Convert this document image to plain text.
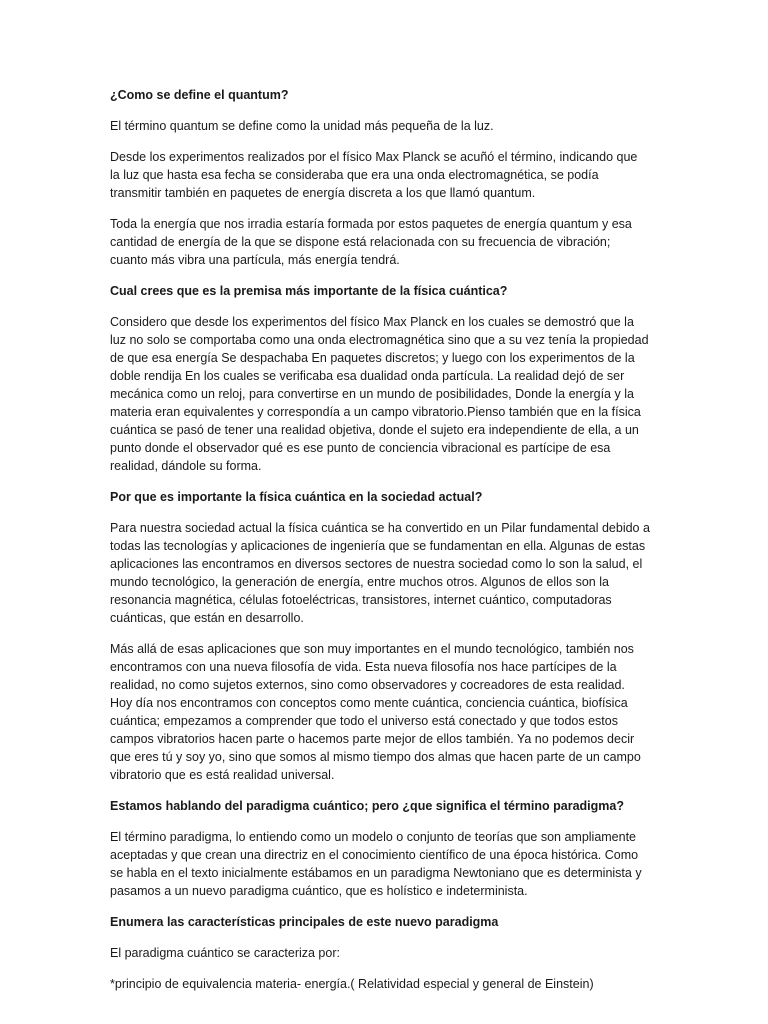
¿Como se define el quantum?

El término quantum se define como la unidad más pequeña de la luz.

Desde los experimentos realizados por el físico Max Planck se acuñó el término, indicando que la luz que hasta esa fecha se consideraba que era una onda electromagnética, se podía transmitir también en paquetes de energía discreta a los que llamó quantum.

Toda la energía que nos irradia estaría formada por estos paquetes de energía quantum y esa cantidad de energía de la que se dispone está relacionada con su frecuencia de vibración; cuanto más vibra una partícula, más energía tendrá.

Cual crees que es la premisa más importante de la física cuántica?

Considero que desde los experimentos del físico Max Planck en los cuales se demostró que la luz no solo se comportaba como una onda electromagnética sino que a su vez tenía la propiedad de que esa energía Se despachaba En paquetes discretos; y luego con los experimentos de la doble rendija En los cuales se verificaba esa dualidad onda partícula. La realidad dejó de ser mecánica como un reloj, para convertirse en un mundo de posibilidades, Donde la energía y la materia eran equivalentes y correspondía a un campo vibratorio.Pienso también que en la física cuántica se pasó de tener una realidad objetiva, donde el sujeto era independiente de ella, a un punto donde el observador qué es ese punto de conciencia vibracional es partícipe de esa realidad, dándole su forma.

Por que es importante la física cuántica en la sociedad actual?

Para nuestra sociedad actual la física cuántica se ha convertido en un Pilar fundamental debido a todas las tecnologías y aplicaciones de ingeniería que se fundamentan en ella. Algunas de estas aplicaciones las encontramos en diversos sectores de nuestra sociedad como lo son la salud, el mundo tecnológico, la generación de energía, entre muchos otros. Algunos de ellos son la resonancia magnética, células fotoeléctricas, transistores, internet cuántico, computadoras cuánticas, que están en desarrollo.

Más allá de esas aplicaciones que son muy importantes en el mundo tecnológico, también nos encontramos con una nueva filosofía de vida. Esta nueva filosofía nos hace partícipes de la realidad, no como sujetos externos, sino como observadores y cocreadores de esta realidad. Hoy día nos encontramos con conceptos como mente cuántica, conciencia cuántica, biofísica cuántica; empezamos a comprender que todo el universo está conectado y que todos estos campos vibratorios hacen parte o hacemos parte mejor de ellos también. Ya no podemos decir que eres tú y soy yo, sino que somos al mismo tiempo dos almas que hacen parte de un campo vibratorio que es está realidad universal.

Estamos hablando del paradigma cuántico; pero ¿que significa el término paradigma?

El término paradigma, lo entiendo como un modelo o conjunto de teorías que son ampliamente aceptadas y que crean una directriz en el conocimiento científico de una época histórica. Como se habla en el texto inicialmente estábamos en un paradigma Newtoniano que es determinista y pasamos a un nuevo paradigma cuántico, que es holístico e indeterminista.

Enumera las características principales de este nuevo paradigma

El paradigma cuántico se caracteriza por:

*principio de equivalencia materia- energía.( Relatividad especial y general de Einstein)
